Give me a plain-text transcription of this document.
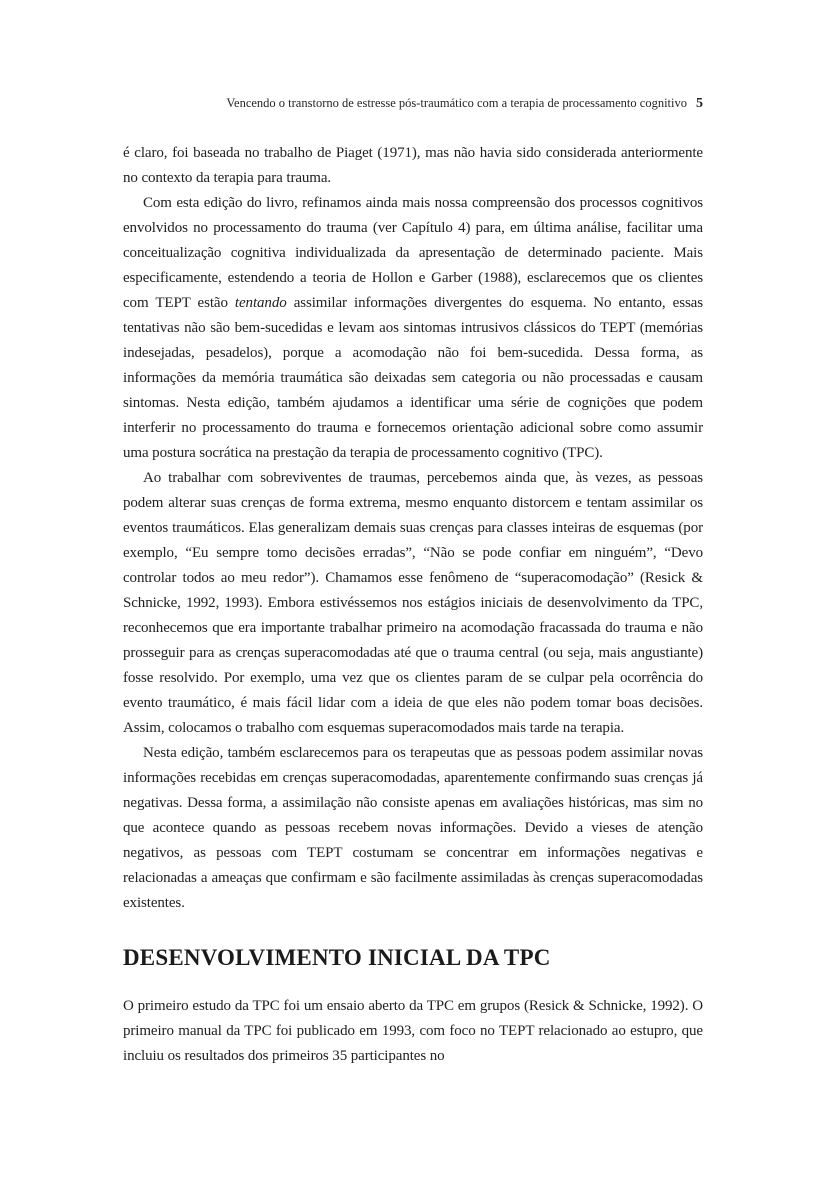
Vencendo o transtorno de estresse pós-traumático com a terapia de processamento cognitivo 5

é claro, foi baseada no trabalho de Piaget (1971), mas não havia sido considerada anteriormente no contexto da terapia para trauma.

Com esta edição do livro, refinamos ainda mais nossa compreensão dos processos cognitivos envolvidos no processamento do trauma (ver Capítulo 4) para, em última análise, facilitar uma conceitualização cognitiva individualizada da apresentação de determinado paciente. Mais especificamente, estendendo a teoria de Hollon e Garber (1988), esclarecemos que os clientes com TEPT estão tentando assimilar informações divergentes do esquema. No entanto, essas tentativas não são bem-sucedidas e levam aos sintomas intrusivos clássicos do TEPT (memórias indesejadas, pesadelos), porque a acomodação não foi bem-sucedida. Dessa forma, as informações da memória traumática são deixadas sem categoria ou não processadas e causam sintomas. Nesta edição, também ajudamos a identificar uma série de cognições que podem interferir no processamento do trauma e fornecemos orientação adicional sobre como assumir uma postura socrática na prestação da terapia de processamento cognitivo (TPC).

Ao trabalhar com sobreviventes de traumas, percebemos ainda que, às vezes, as pessoas podem alterar suas crenças de forma extrema, mesmo enquanto distorcem e tentam assimilar os eventos traumáticos. Elas generalizam demais suas crenças para classes inteiras de esquemas (por exemplo, “Eu sempre tomo decisões erradas”, “Não se pode confiar em ninguém”, “Devo controlar todos ao meu redor”). Chamamos esse fenômeno de “superacomodação” (Resick & Schnicke, 1992, 1993). Embora estivéssemos nos estágios iniciais de desenvolvimento da TPC, reconhecemos que era importante trabalhar primeiro na acomodação fracassada do trauma e não prosseguir para as crenças superacomodadas até que o trauma central (ou seja, mais angustiante) fosse resolvido. Por exemplo, uma vez que os clientes param de se culpar pela ocorrência do evento traumático, é mais fácil lidar com a ideia de que eles não podem tomar boas decisões. Assim, colocamos o trabalho com esquemas superacomodados mais tarde na terapia.

Nesta edição, também esclarecemos para os terapeutas que as pessoas podem assimilar novas informações recebidas em crenças superacomodadas, aparentemente confirmando suas crenças já negativas. Dessa forma, a assimilação não consiste apenas em avaliações históricas, mas sim no que acontece quando as pessoas recebem novas informações. Devido a vieses de atenção negativos, as pessoas com TEPT costumam se concentrar em informações negativas e relacionadas a ameaças que confirmam e são facilmente assimiladas às crenças superacomodadas existentes.

DESENVOLVIMENTO INICIAL DA TPC

O primeiro estudo da TPC foi um ensaio aberto da TPC em grupos (Resick & Schnicke, 1992). O primeiro manual da TPC foi publicado em 1993, com foco no TEPT relacionado ao estupro, que incluiu os resultados dos primeiros 35 participantes no
